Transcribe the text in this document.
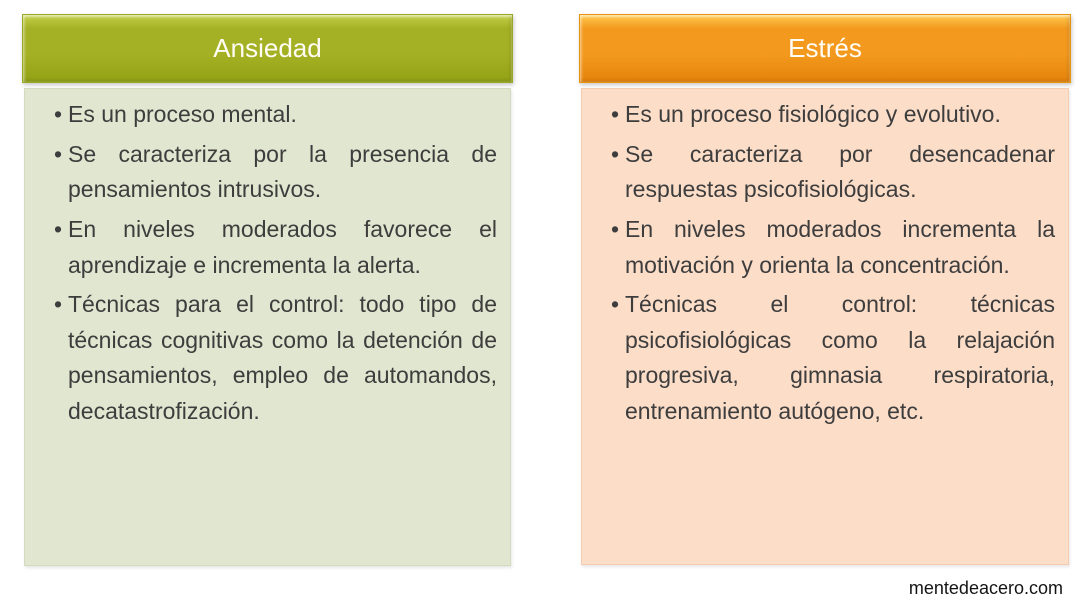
Ansiedad
• Es un proceso mental.
• Se caracteriza por la presencia de pensamientos intrusivos.
• En niveles moderados favorece el aprendizaje e incrementa la alerta.
• Técnicas para el control: todo tipo de técnicas cognitivas como la detención de pensamientos, empleo de automandos, decatastrofización.
Estrés
• Es un proceso fisiológico y evolutivo.
• Se caracteriza por desencadenar respuestas psicofisiológicas.
• En niveles moderados incrementa la motivación y orienta la concentración.
• Técnicas el control: técnicas psicofisiológicas como la relajación progresiva, gimnasia respiratoria, entrenamiento autógeno, etc.
mentedeacero.com
